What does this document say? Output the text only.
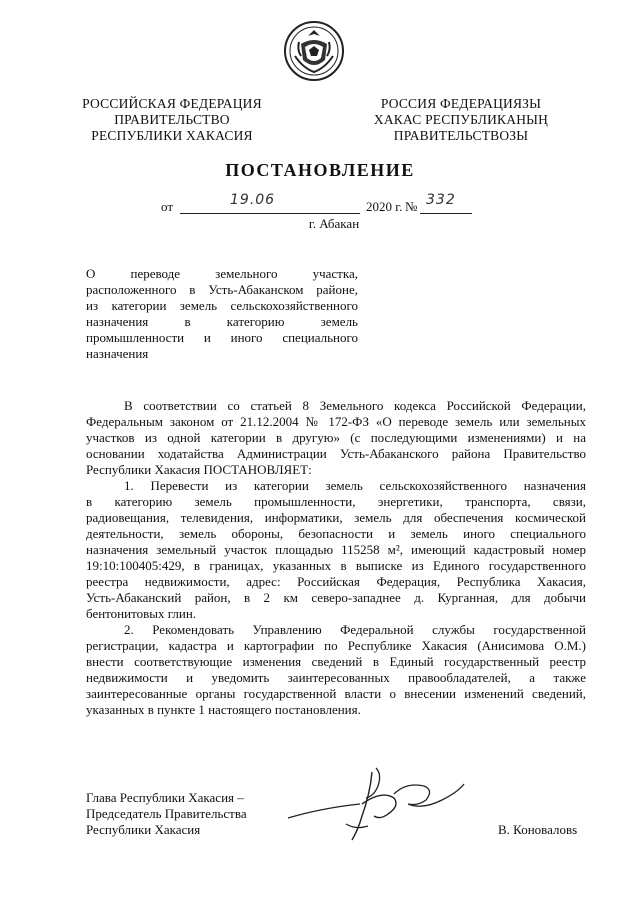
РОССИЙСКАЯ ФЕДЕРАЦИЯ
ПРАВИТЕЛЬСТВО
РЕСПУБЛИКИ ХАКАСИЯ
РОССИЯ ФЕДЕРАЦИЯЗЫ
ХАКАС РЕСПУБЛИКАНЫҢ
ПРАВИТЕЛЬСТВОЗЫ
ПОСТАНОВЛЕНИЕ
от	19.06	2020 г. № 332
г. Абакан
О переводе земельного участка,
расположенного в Усть-Абаканском районе,
из категории земель сельскохозяйственного
назначения в категорию земель
промышленности и иного специального
назначения
В соответствии со статьей 8 Земельного кодекса Российской Федерации,
Федеральным законом от 21.12.2004 № 172-ФЗ «О переводе земель или земельных
участков из одной категории в другую» (с последующими изменениями) и на
основании ходатайства Администрации Усть-Абаканского района Правительство
Республики Хакасия ПОСТАНОВЛЯЕТ:
1. Перевести из категории земель сельскохозяйственного назначения
в категорию земель промышленности, энергетики, транспорта, связи,
радиовещания, телевидения, информатики, земель для обеспечения космической
деятельности, земель обороны, безопасности и земель иного специального
назначения земельный участок площадью 115258 м², имеющий кадастровый номер
19:10:100405:429, в границах, указанных в выписке из Единого государственного
реестра недвижимости, адрес: Российская Федерация, Республика Хакасия,
Усть-Абаканский район, в 2 км северо-западнее д. Курганная, для добычи
бентонитовых глин.
2. Рекомендовать Управлению Федеральной службы государственной
регистрации, кадастра и картографии по Республике Хакасия (Анисимова О.М.)
внести соответствующие изменения сведений в Единый государственный реестр
недвижимости и уведомить заинтересованных правообладателей, а также
заинтересованные органы государственной власти о внесении изменений сведений,
указанных в пункте 1 настоящего постановления.
Глава Республики Хакасия –
Председатель Правительства
Республики Хакасия	В. Коноваловs
